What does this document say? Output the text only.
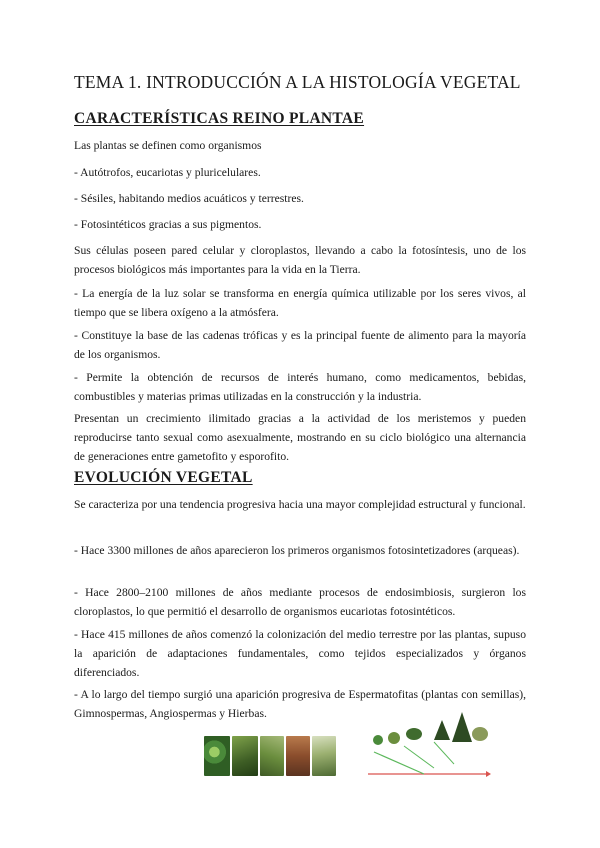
TEMA 1. INTRODUCCIÓN A LA HISTOLOGÍA VEGETAL
CARACTERÍSTICAS REINO PLANTAE

Las plantas se definen como organismos

- Autótrofos, eucariotas y pluricelulares.

- Sésiles, habitando medios acuáticos y terrestres.

- Fotosintéticos gracias a sus pigmentos.

Sus células poseen pared celular y cloroplastos, llevando a cabo la fotosíntesis, uno de los procesos biológicos más importantes para la vida en la Tierra.

- La energía de la luz solar se transforma en energía química utilizable por los seres vivos, al tiempo que se libera oxígeno a la atmósfera.

- Constituye la base de las cadenas tróficas y es la principal fuente de alimento para la mayoría de los organismos.

- Permite la obtención de recursos de interés humano, como medicamentos, bebidas, combustibles y materias primas utilizadas en la construcción y la industria.

Presentan un crecimiento ilimitado gracias a la actividad de los meristemos y pueden reproducirse tanto sexual como asexualmente, mostrando en su ciclo biológico una alternancia de generaciones entre gametofito y esporofito.

EVOLUCIÓN VEGETAL

Se caracteriza por una tendencia progresiva hacia una mayor complejidad estructural y funcional.

- Hace 3300 millones de años aparecieron los primeros organismos fotosintetizadores (arqueas).

- Hace 2800–2100 millones de años mediante procesos de endosimbiosis, surgieron los cloroplastos, lo que permitió el desarrollo de organismos eucariotas fotosintéticos.

- Hace 415 millones de años comenzó la colonización del medio terrestre por las plantas, supuso la aparición de adaptaciones fundamentales, como tejidos especializados y órganos diferenciados.

- A lo largo del tiempo surgió una aparición progresiva de Espermatofitas (plantas con semillas), Gimnospermas, Angiospermas y Hierbas.
